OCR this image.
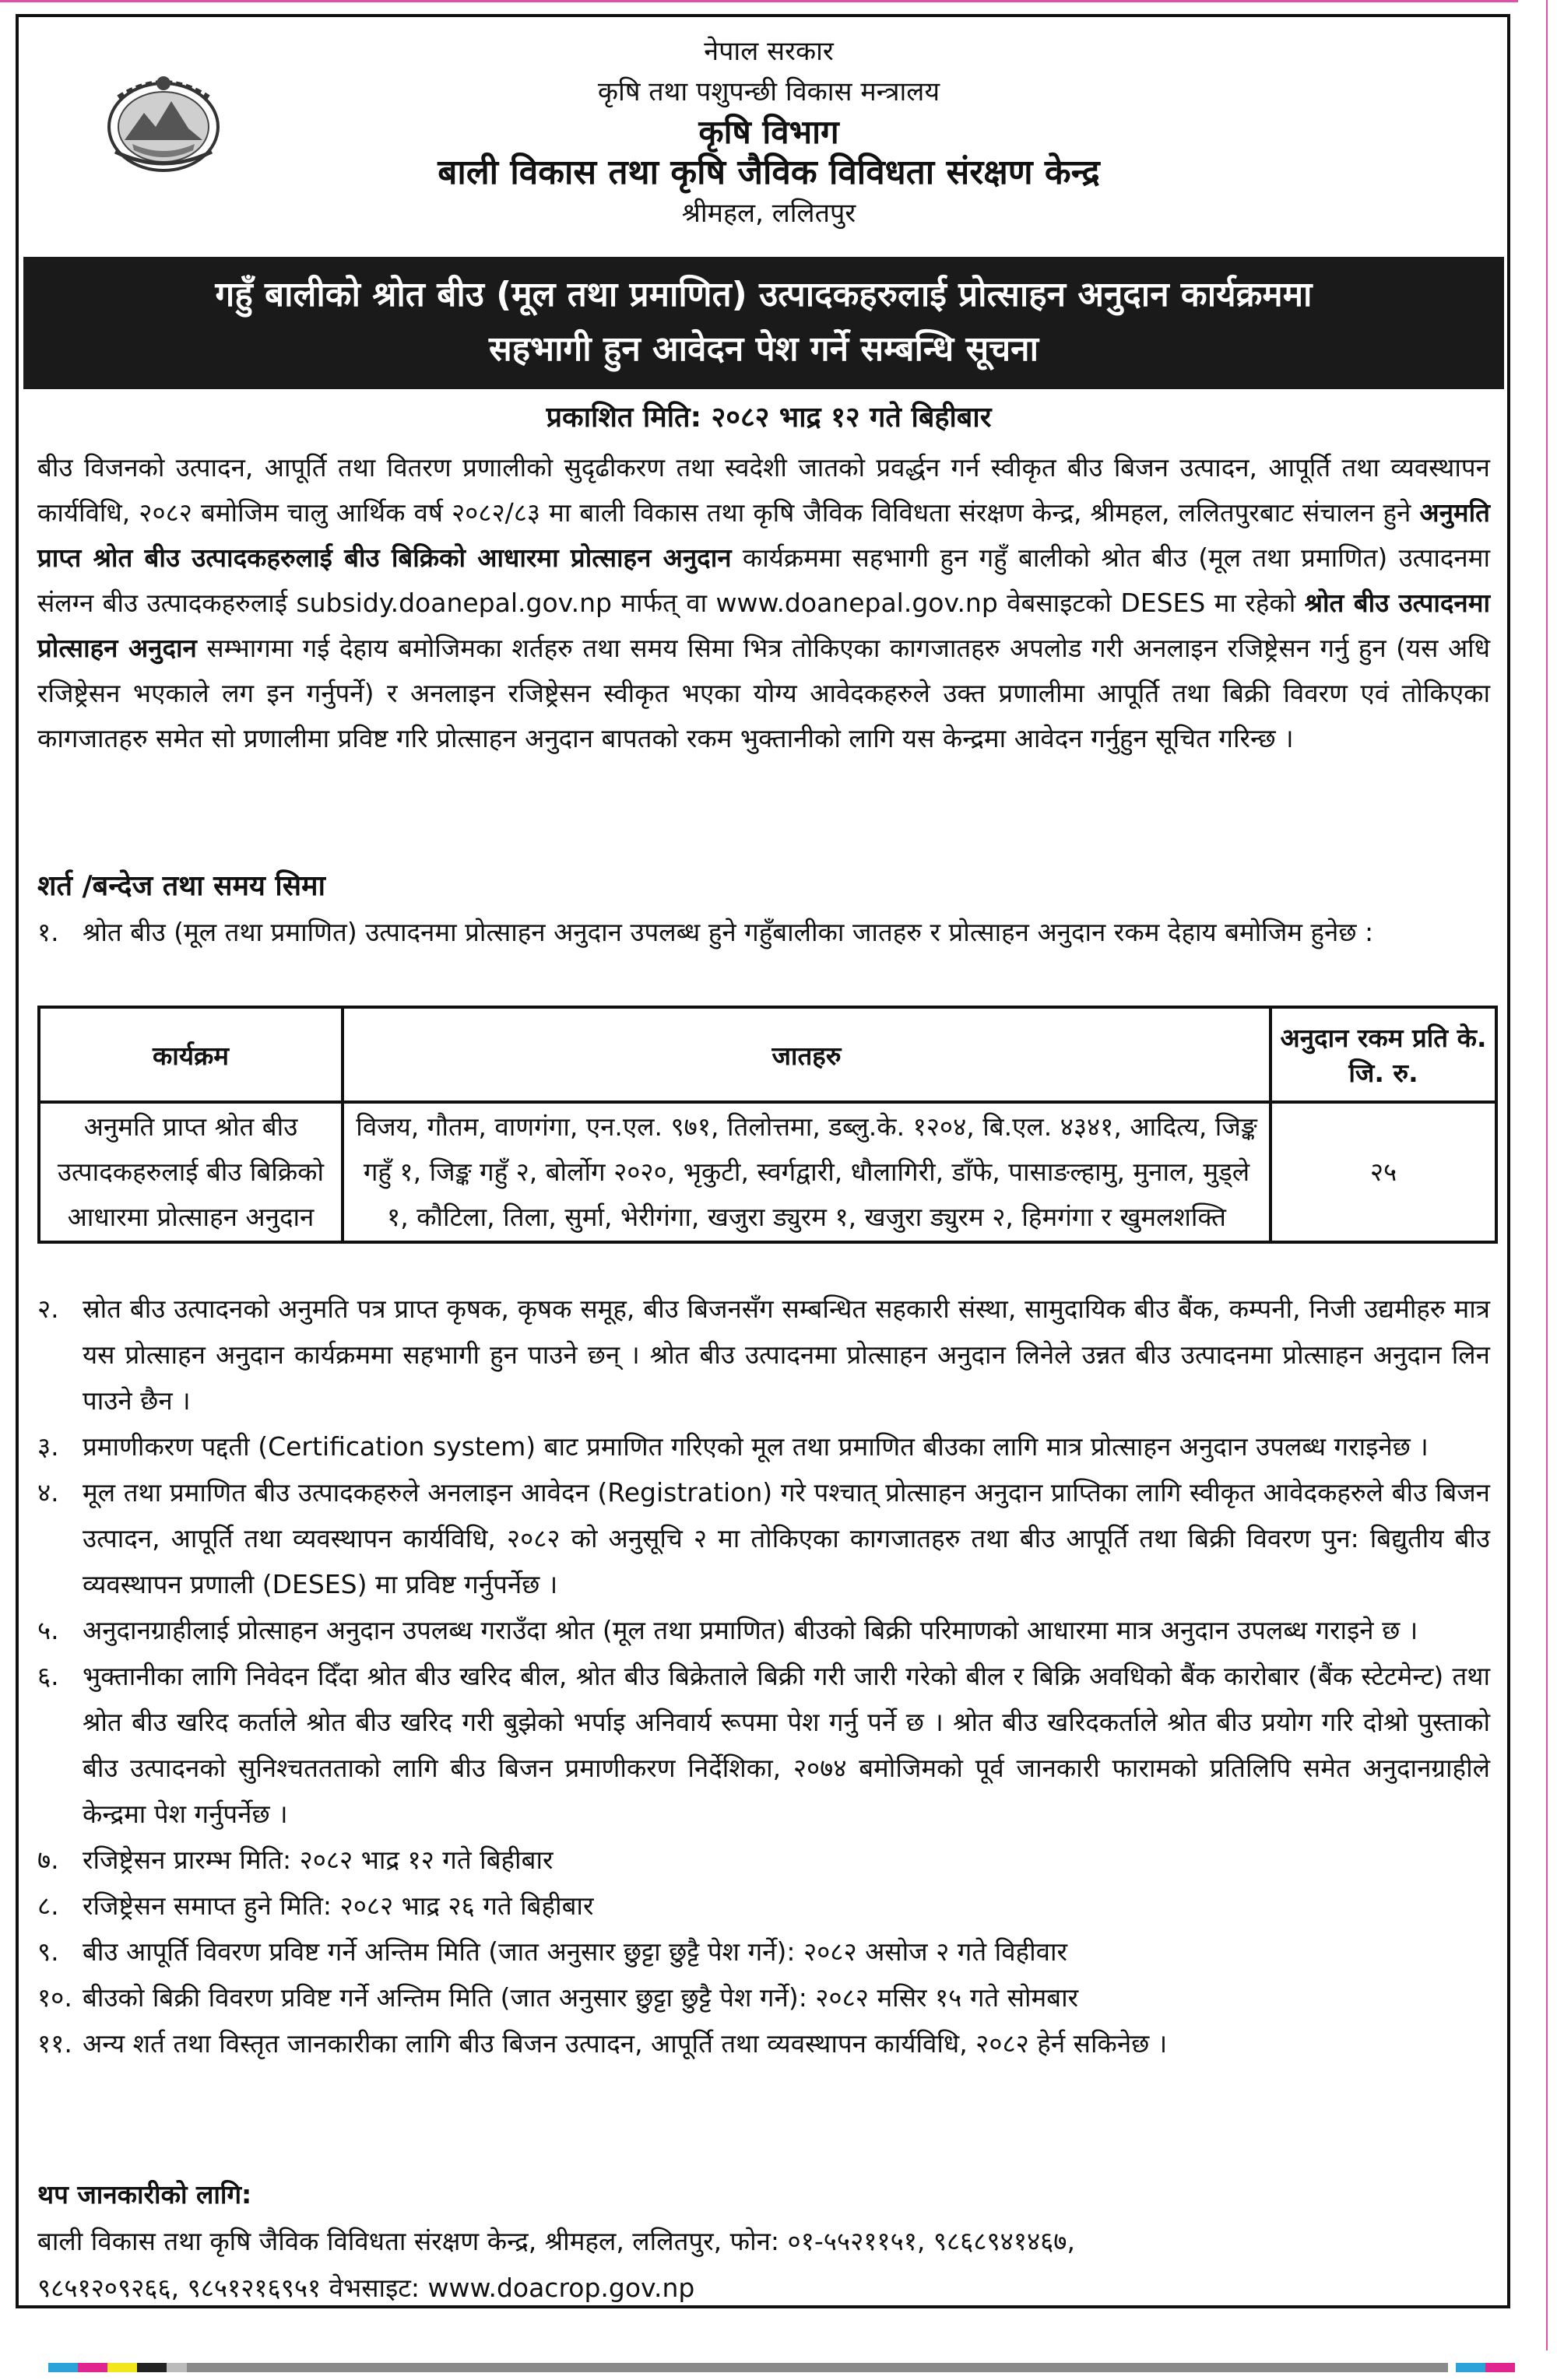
नेपाल सरकार
कृषि तथा पशुपन्छी विकास मन्त्रालय
कृषि विभाग
बाली विकास तथा कृषि जैविक विविधता संरक्षण केन्द्र
श्रीमहल, ललितपुर
गहुँ बालीको श्रोत बीउ (मूल तथा प्रमाणित) उत्पादकहरुलाई प्रोत्साहन अनुदान कार्यक्रममा
सहभागी हुन आवेदन पेश गर्ने सम्बन्धि सूचना
प्रकाशित मिति: २०८२ भाद्र १२ गते बिहीबार
बीउ विजनको उत्पादन, आपूर्ति तथा वितरण प्रणालीको सुदृढीकरण तथा स्वदेशी जातको प्रवर्द्धन गर्न स्वीकृत बीउ बिजन उत्पादन, आपूर्ति तथा व्यवस्थापन कार्यविधि, २०८२ बमोजिम चालु आर्थिक वर्ष २०८२/८३ मा बाली विकास तथा कृषि जैविक विविधता संरक्षण केन्द्र, श्रीमहल, ललितपुरबाट संचालन हुने अनुमति प्राप्त श्रोत बीउ उत्पादकहरुलाई बीउ बिक्रिको आधारमा प्रोत्साहन अनुदान कार्यक्रममा सहभागी हुन गहुँ बालीको श्रोत बीउ (मूल तथा प्रमाणित) उत्पादनमा संलग्न बीउ उत्पादकहरुलाई subsidy.doanepal.gov.np मार्फत् वा www.doanepal.gov.np वेबसाइटको DESES मा रहेको श्रोत बीउ उत्पादनमा प्रोत्साहन अनुदान सम्भागमा गई देहाय बमोजिमका शर्तहरु तथा समय सिमा भित्र तोकिएका कागजातहरु अपलोड गरी अनलाइन रजिष्ट्रेसन गर्नु हुन (यस अधि रजिष्ट्रेसन भएकाले लग इन गर्नुपर्ने) र अनलाइन रजिष्ट्रेसन स्वीकृत भएका योग्य आवेदकहरुले उक्त प्रणालीमा आपूर्ति तथा बिक्री विवरण एवं तोकिएका कागजातहरु समेत सो प्रणालीमा प्रविष्ट गरि प्रोत्साहन अनुदान बापतको रकम भुक्तानीको लागि यस केन्द्रमा आवेदन गर्नुहुन सूचित गरिन्छ ।
शर्त /बन्देज तथा समय सिमा
१. श्रोत बीउ (मूल तथा प्रमाणित) उत्पादनमा प्रोत्साहन अनुदान उपलब्ध हुने गहुँबालीका जातहरु र प्रोत्साहन अनुदान रकम देहाय बमोजिम हुनेछ :
कार्यक्रम	जातहरु	अनुदान रकम प्रति के. जि. रु.
अनुमति प्राप्त श्रोत बीउ उत्पादकहरुलाई बीउ बिक्रिको आधारमा प्रोत्साहन अनुदान	विजय, गौतम, वाणगंगा, एन.एल. ९७१, तिलोत्तमा, डब्लु.के. १२०४, बि.एल. ४३४१, आदित्य, जिङ्क गहुँ १, जिङ्क गहुँ २, बोर्लोग २०२०, भृकुटी, स्वर्गद्वारी, धौलागिरी, डाँफे, पासाङल्हामु, मुनाल, मुड्ले १, कौटिला, तिला, सुर्मा, भेरीगंगा, खजुरा ड्युरम १, खजुरा ड्युरम २, हिमगंगा र खुमलशक्ति	२५
२. स्रोत बीउ उत्पादनको अनुमति पत्र प्राप्त कृषक, कृषक समूह, बीउ बिजनसँग सम्बन्धित सहकारी संस्था, सामुदायिक बीउ बैंक, कम्पनी, निजी उद्यमीहरु मात्र यस प्रोत्साहन अनुदान कार्यक्रममा सहभागी हुन पाउने छन् । श्रोत बीउ उत्पादनमा प्रोत्साहन अनुदान लिनेले उन्नत बीउ उत्पादनमा प्रोत्साहन अनुदान लिन पाउने छैन ।
३. प्रमाणीकरण पद्दती (Certification system) बाट प्रमाणित गरिएको मूल तथा प्रमाणित बीउका लागि मात्र प्रोत्साहन अनुदान उपलब्ध गराइनेछ ।
४. मूल तथा प्रमाणित बीउ उत्पादकहरुले अनलाइन आवेदन (Registration) गरे पश्चात् प्रोत्साहन अनुदान प्राप्तिका लागि स्वीकृत आवेदकहरुले बीउ बिजन उत्पादन, आपूर्ति तथा व्यवस्थापन कार्यविधि, २०८२ को अनुसूचि २ मा तोकिएका कागजातहरु तथा बीउ आपूर्ति तथा बिक्री विवरण पुन: बिद्युतीय बीउ व्यवस्थापन प्रणाली (DESES) मा प्रविष्ट गर्नुपर्नेछ ।
५. अनुदानग्राहीलाई प्रोत्साहन अनुदान उपलब्ध गराउँदा श्रोत (मूल तथा प्रमाणित) बीउको बिक्री परिमाणको आधारमा मात्र अनुदान उपलब्ध गराइने छ ।
६. भुक्तानीका लागि निवेदन दिँदा श्रोत बीउ खरिद बील, श्रोत बीउ बिक्रेताले बिक्री गरी जारी गरेको बील र बिक्रि अवधिको बैंक कारोबार (बैंक स्टेटमेन्ट) तथा श्रोत बीउ खरिद कर्ताले श्रोत बीउ खरिद गरी बुझेको भर्पाइ अनिवार्य रूपमा पेश गर्नु पर्ने छ । श्रोत बीउ खरिदकर्ताले श्रोत बीउ प्रयोग गरि दोश्रो पुस्ताको बीउ उत्पादनको सुनिश्चततताको लागि बीउ बिजन प्रमाणीकरण निर्देशिका, २०७४ बमोजिमको पूर्व जानकारी फारामको प्रतिलिपि समेत अनुदानग्राहीले केन्द्रमा पेश गर्नुपर्नेछ ।
७. रजिष्ट्रेसन प्रारम्भ मिति: २०८२ भाद्र १२ गते बिहीबार
८. रजिष्ट्रेसन समाप्त हुने मिति: २०८२ भाद्र २६ गते बिहीबार
९. बीउ आपूर्ति विवरण प्रविष्ट गर्ने अन्तिम मिति (जात अनुसार छुट्टा छुट्टै पेश गर्ने): २०८२ असोज २ गते विहीवार
१०. बीउको बिक्री विवरण प्रविष्ट गर्ने अन्तिम मिति (जात अनुसार छुट्टा छुट्टै पेश गर्ने): २०८२ मसिर १५ गते सोमबार
११. अन्य शर्त तथा विस्तृत जानकारीका लागि बीउ बिजन उत्पादन, आपूर्ति तथा व्यवस्थापन कार्यविधि, २०८२ हेर्न सकिनेछ ।
थप जानकारीको लागि:
बाली विकास तथा कृषि जैविक विविधता संरक्षण केन्द्र, श्रीमहल, ललितपुर, फोन: ०१-५५२११५१, ९८६८९४१४६७,
९८५१२०९२६६, ९८५१२१६९५१ वेभसाइट: www.doacrop.gov.np
